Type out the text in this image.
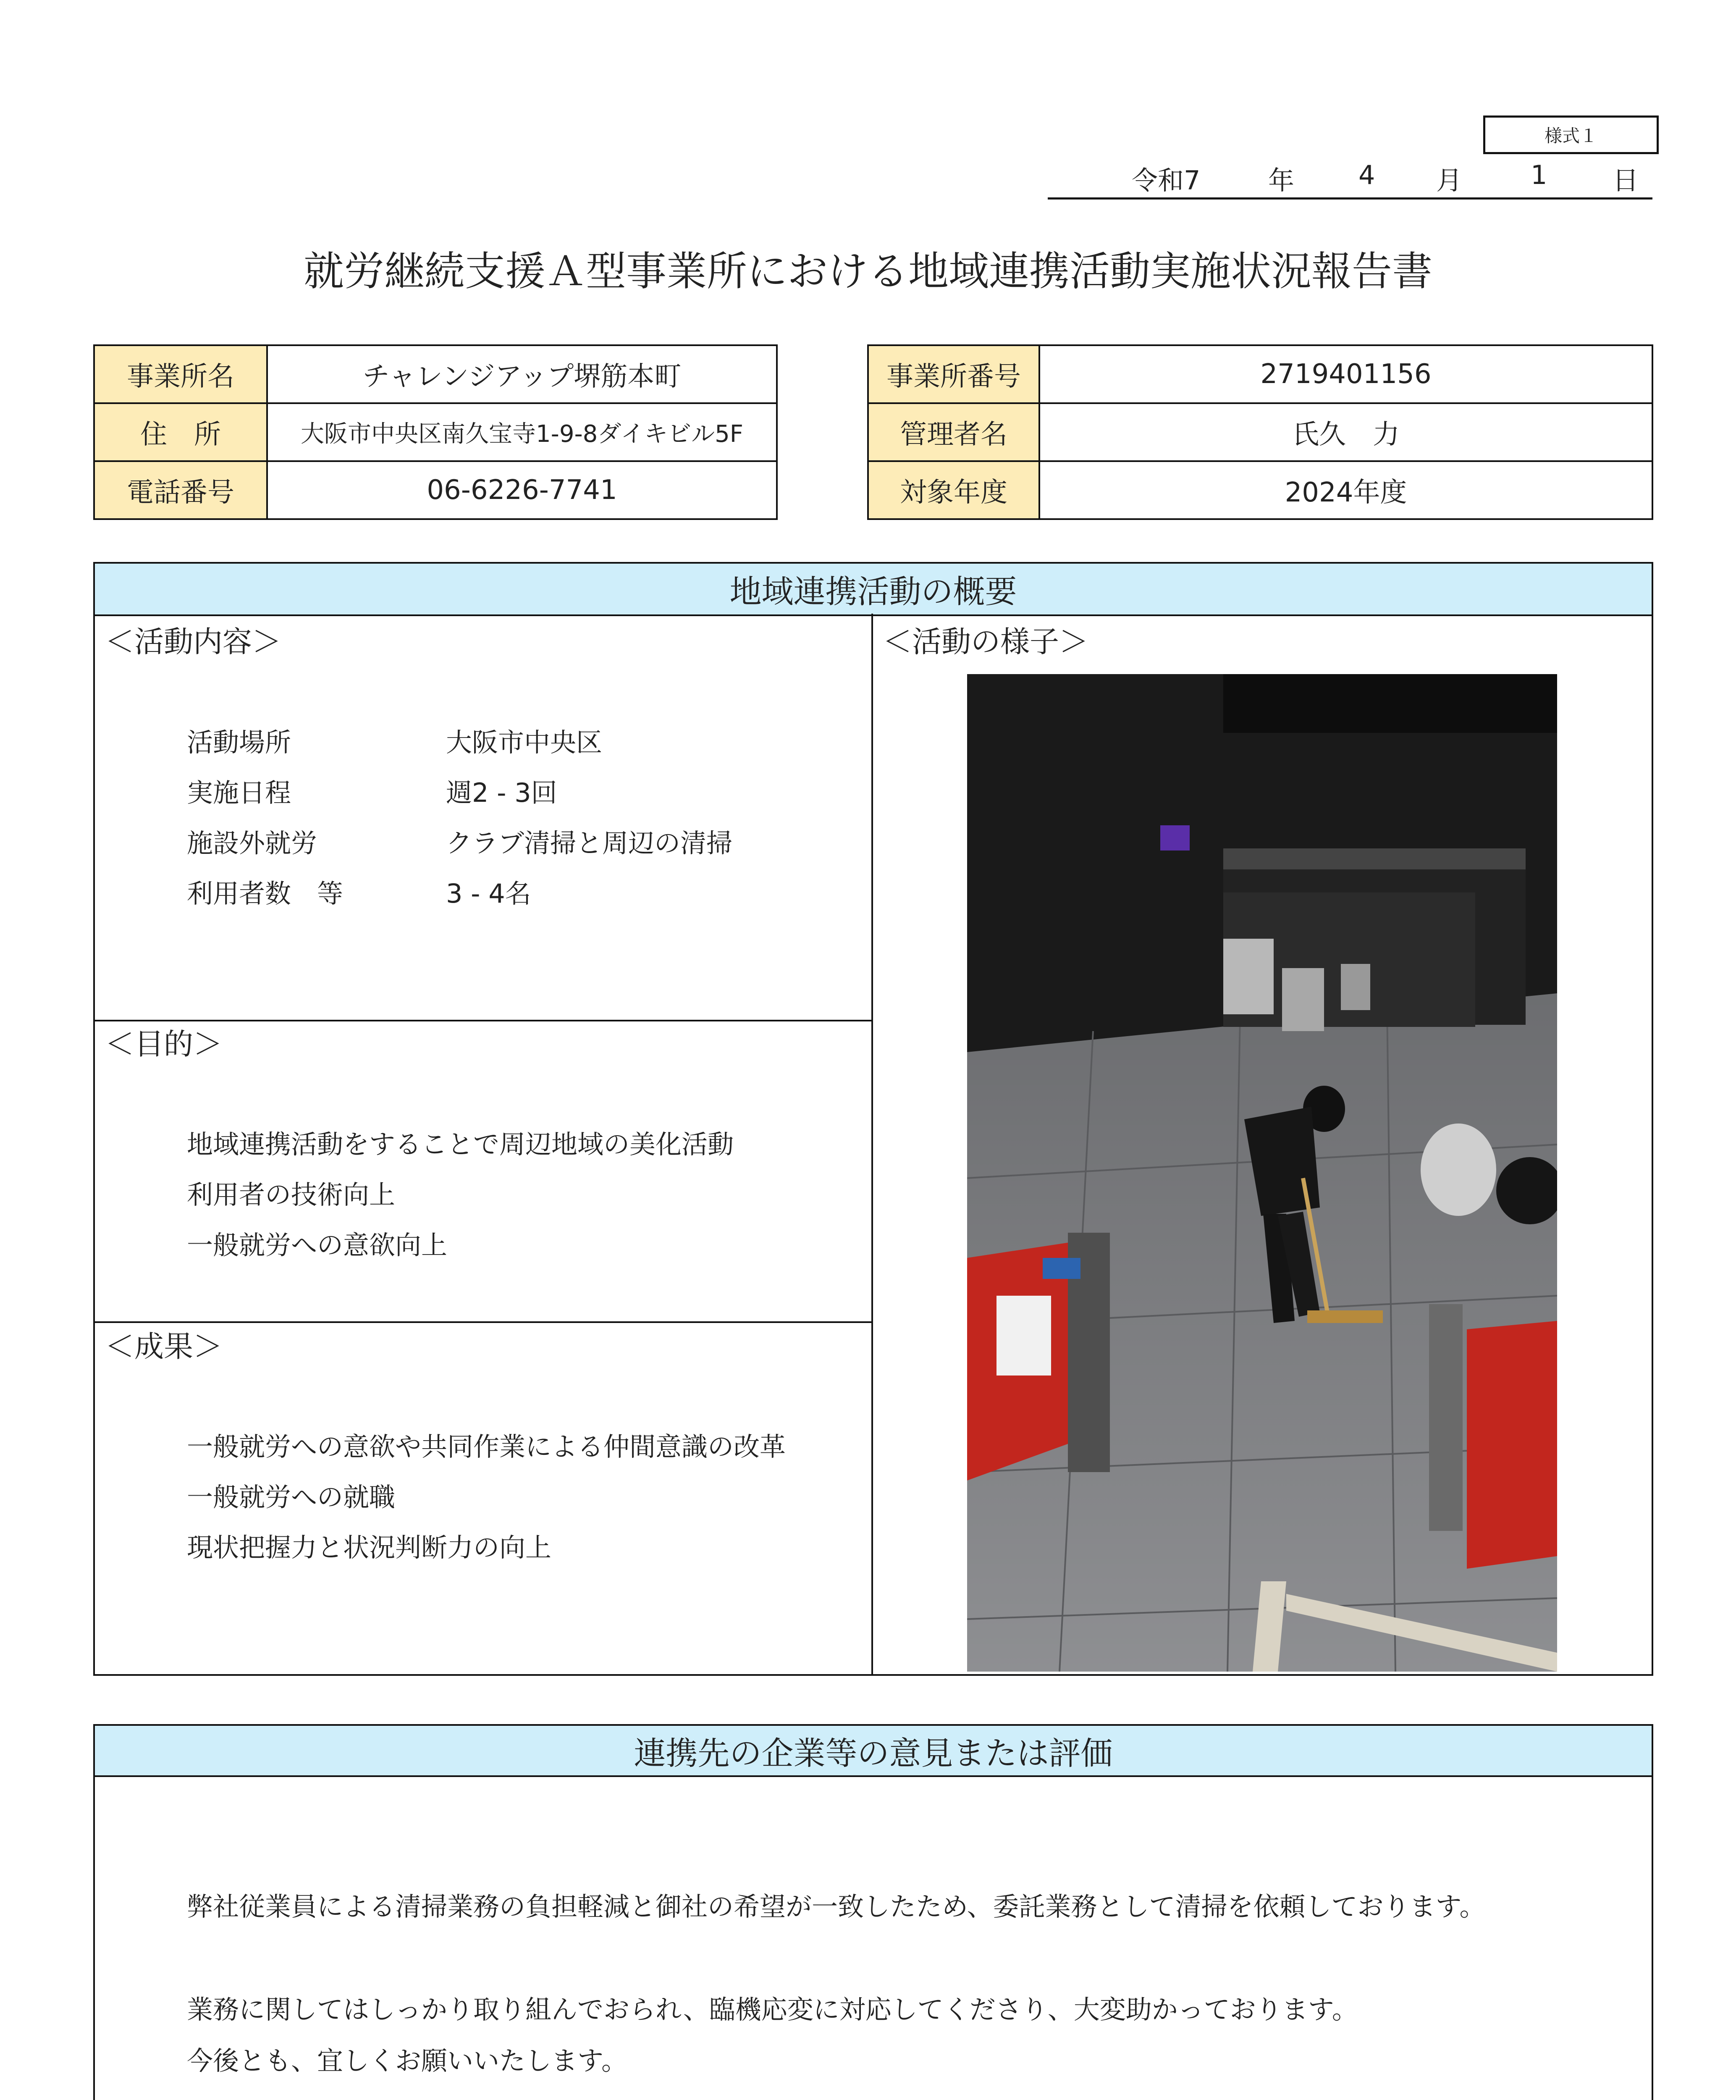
様式１
令和7	年 4 月	1	日
就労継続支援Ａ型事業所における地域連携活動実施状況報告書
事業所名	チャレンジアップ堺筋本町
住　所	大阪市中央区南久宝寺1-9-8ダイキビル5F
電話番号	06-6226-7741
事業所番号	2719401156
管理者名	氏久　力
対象年度	2024年度
地域連携活動の概要
＜活動内容＞
活動場所	大阪市中央区
実施日程	週2 - 3回
施設外就労	クラブ清掃と周辺の清掃
利用者数　等	3 - 4名
＜目的＞
地域連携活動をすることで周辺地域の美化活動
利用者の技術向上
一般就労への意欲向上
＜成果＞
一般就労への意欲や共同作業による仲間意識の改革
一般就労への就職
現状把握力と状況判断力の向上
＜活動の様子＞
連携先の企業等の意見または評価
弊社従業員による清掃業務の負担軽減と御社の希望が一致したため、委託業務として清掃を依頼しております。
業務に関してはしっかり取り組んでおられ、臨機応変に対応してくださり、大変助かっております。
今後とも、宜しくお願いいたします。
